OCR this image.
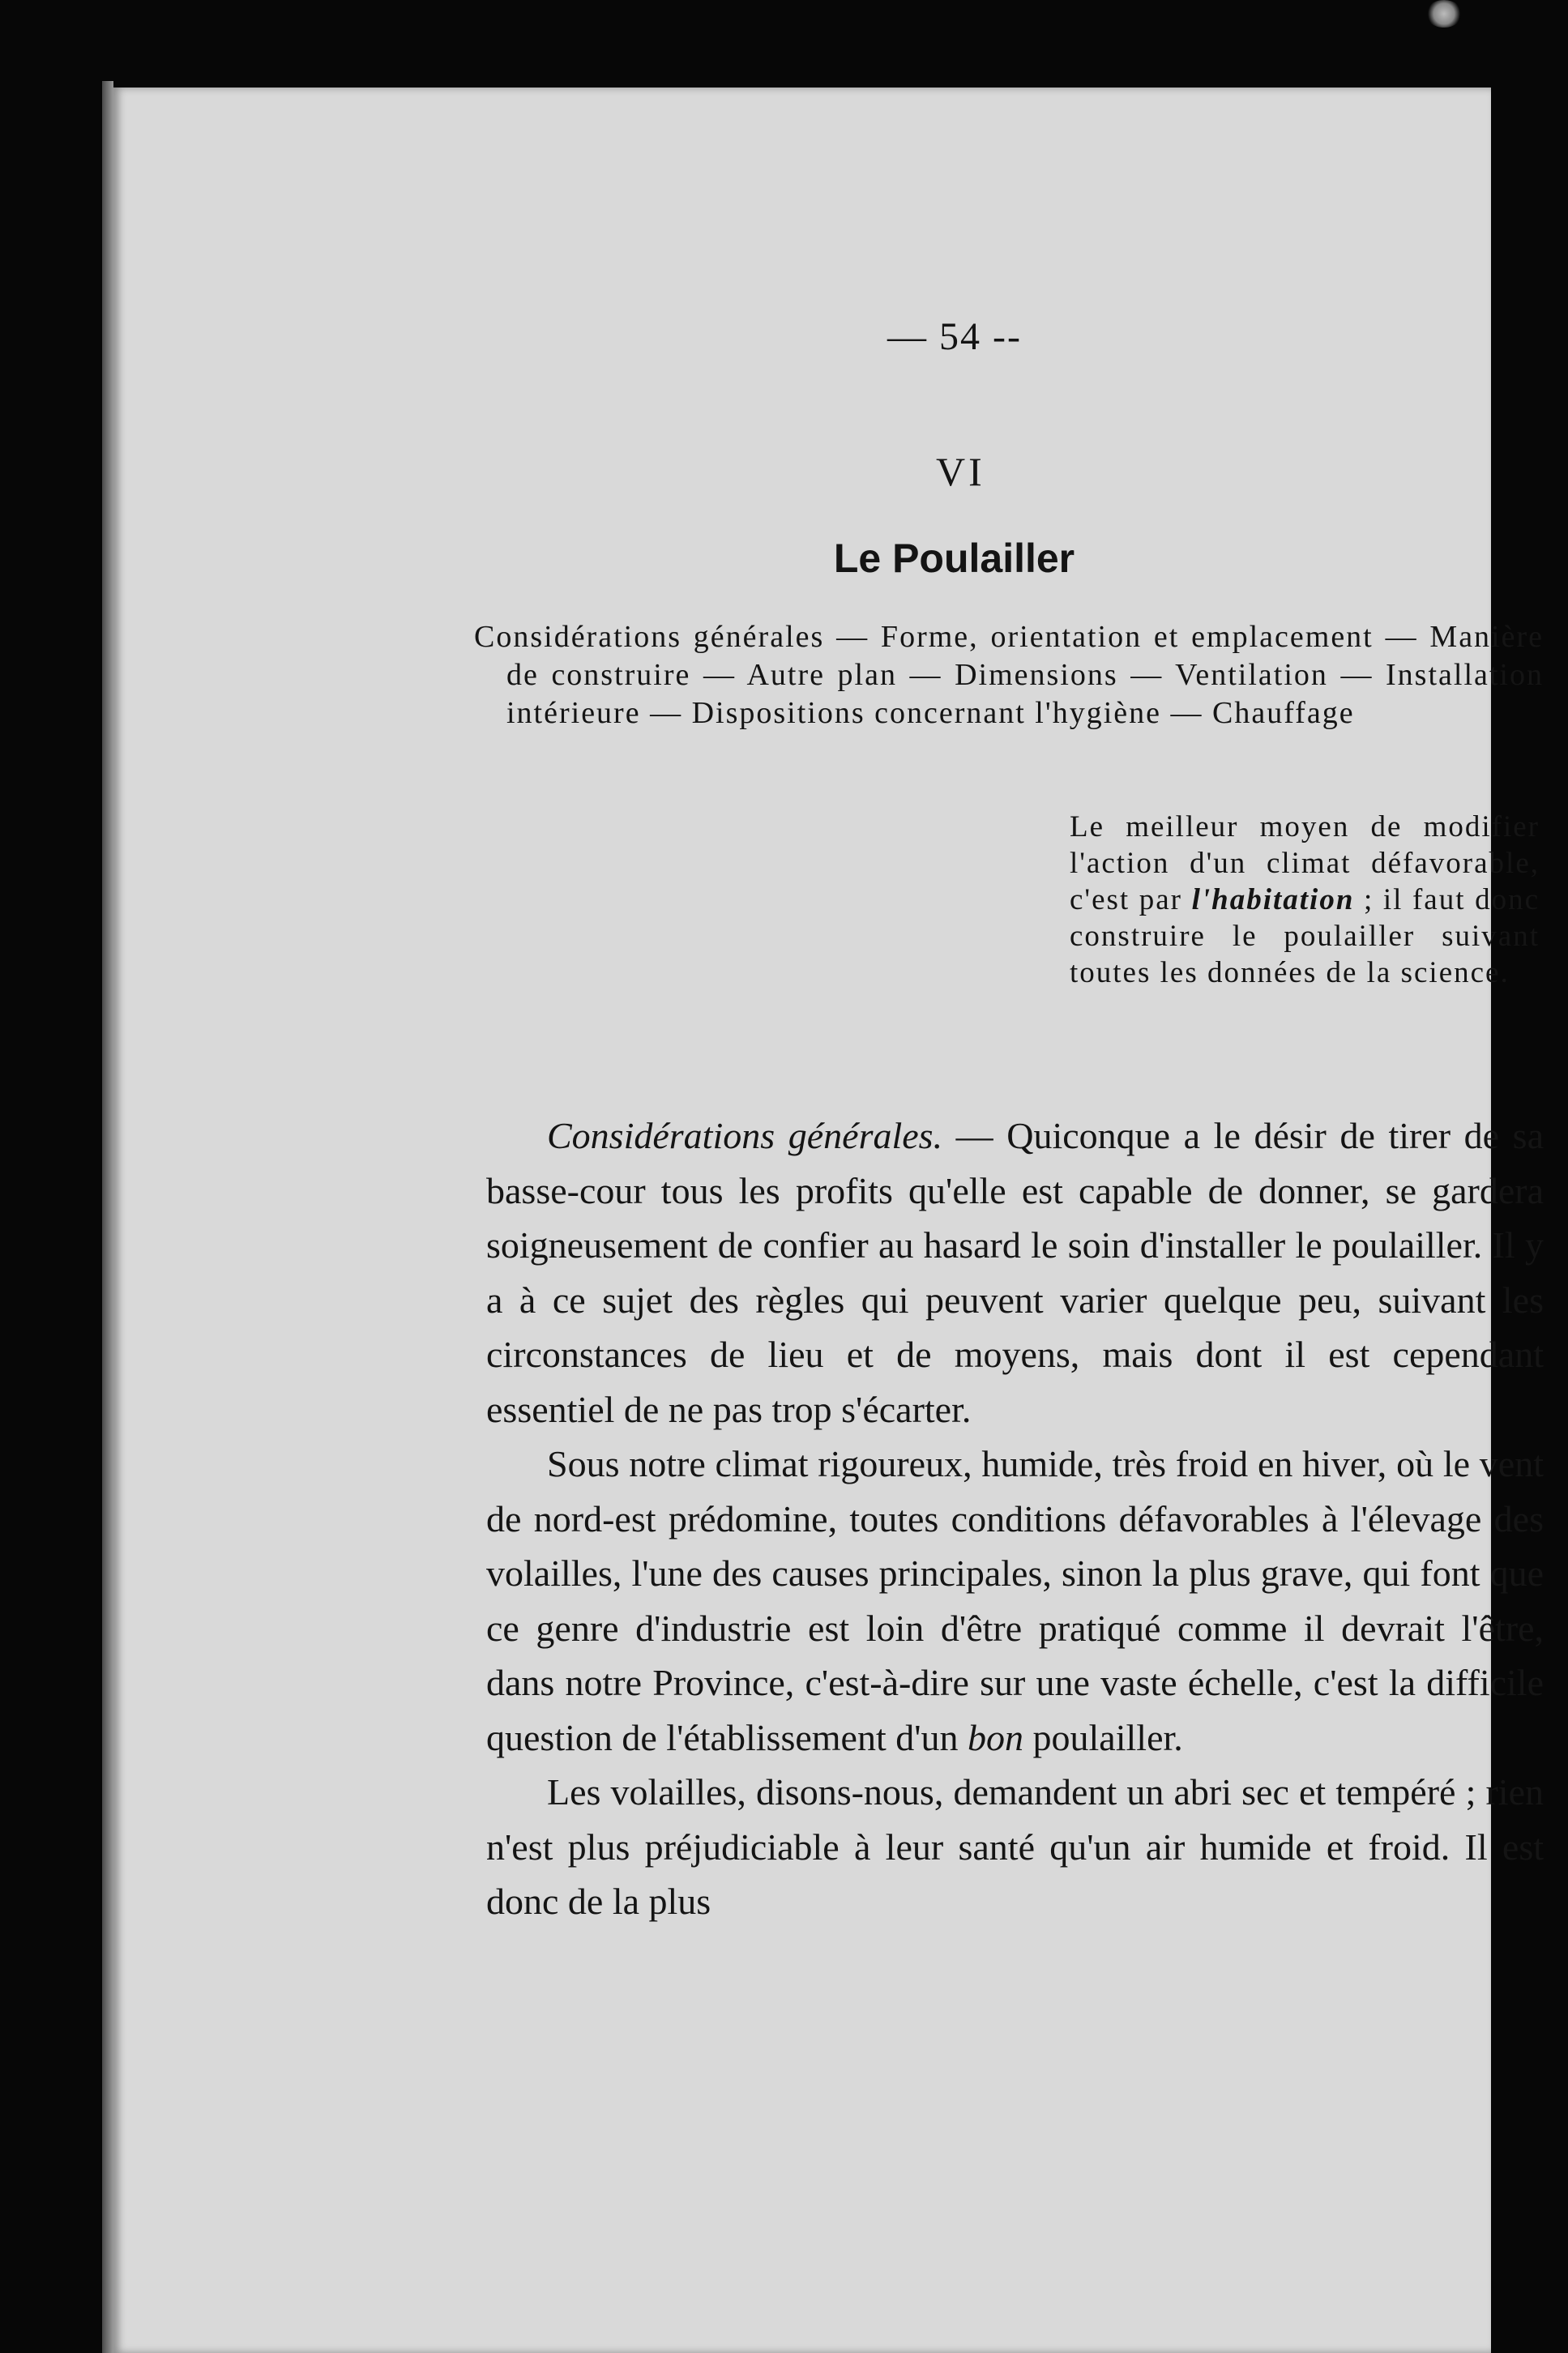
— 54 --
VI
Le Poulailler
Considérations générales — Forme, orientation et emplacement — Manière de construire — Autre plan — Dimensions — Ventilation — Installation intérieure — Dispositions concernant l'hygiène — Chauffage
Le meilleur moyen de modifier l'action d'un climat défavorable, c'est par l'habitation ; il faut donc construire le poulailler suivant toutes les données de la science.

Considérations générales. — Quiconque a le désir de tirer de sa basse-cour tous les profits qu'elle est capable de donner, se gardera soigneusement de confier au hasard le soin d'installer le poulailler. Il y a à ce sujet des règles qui peuvent varier quelque peu, suivant les circonstances de lieu et de moyens, mais dont il est cependant essentiel de ne pas trop s'écarter.

Sous notre climat rigoureux, humide, très froid en hiver, où le vent de nord-est prédomine, toutes conditions défavorables à l'élevage des volailles, l'une des causes principales, sinon la plus grave, qui font que ce genre d'industrie est loin d'être pratiqué comme il devrait l'être, dans notre Province, c'est-à-dire sur une vaste échelle, c'est la difficile question de l'établissement d'un bon poulailler.

Les volailles, disons-nous, demandent un abri sec et tempéré ; rien n'est plus préjudiciable à leur santé qu'un air humide et froid. Il est donc de la plus
